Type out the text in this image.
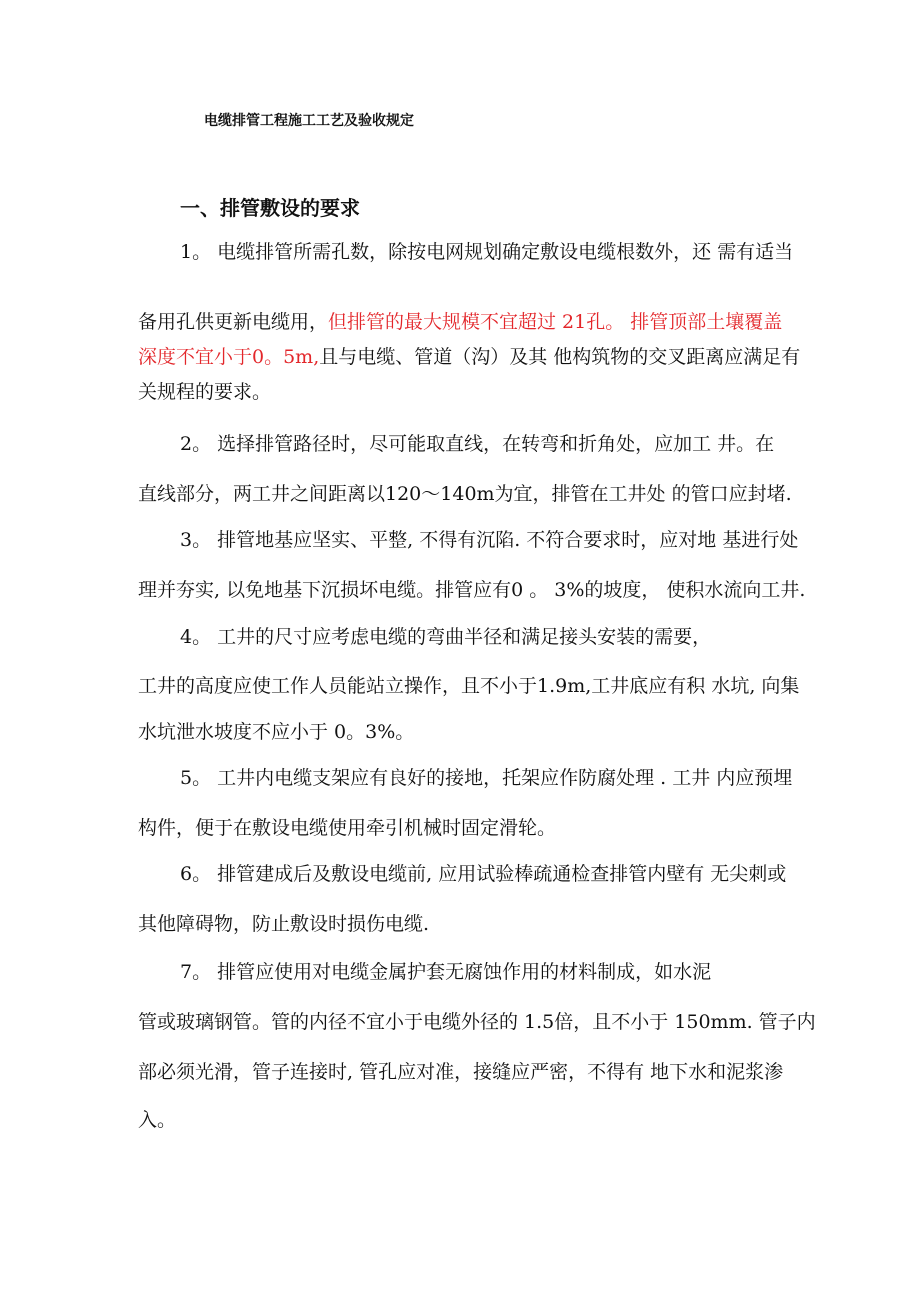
电缆排管工程施工工艺及验收规定
一、排管敷设的要求
1。 电缆排管所需孔数，除按电网规划确定敷设电缆根数外，还 需有适当
备用孔供更新电缆用，但排管的最大规模不宜超过 21孔。 排管顶部土壤覆盖
深度不宜小于0。5m,且与电缆、管道（沟）及其 他构筑物的交叉距离应满足有
关规程的要求。
2。 选择排管路径时，尽可能取直线，在转弯和折角处，应加工 井。在
直线部分，两工井之间距离以120〜140m为宜，排管在工井处 的管口应封堵.
3。 排管地基应坚实、平整, 不得有沉陷. 不符合要求时，应对地 基进行处
理并夯实, 以免地基下沉损坏电缆。排管应有0 。 3%的坡度， 使积水流向工井.
4。 工井的尺寸应考虑电缆的弯曲半径和满足接头安装的需要，
工井的高度应使工作人员能站立操作，且不小于1.9m,工井底应有积 水坑, 向集
水坑泄水坡度不应小于 0。3%。
5。 工井内电缆支架应有良好的接地，托架应作防腐处理 . 工井 内应预埋
构件，便于在敷设电缆使用牵引机械时固定滑轮。
6。 排管建成后及敷设电缆前, 应用试验棒疏通检查排管内壁有 无尖刺或
其他障碍物，防止敷设时损伤电缆.
7。 排管应使用对电缆金属护套无腐蚀作用的材料制成，如水泥
管或玻璃钢管。管的内径不宜小于电缆外径的 1.5倍，且不小于 150mm. 管子内
部必须光滑，管子连接时, 管孔应对准，接缝应严密，不得有 地下水和泥浆渗
入。
